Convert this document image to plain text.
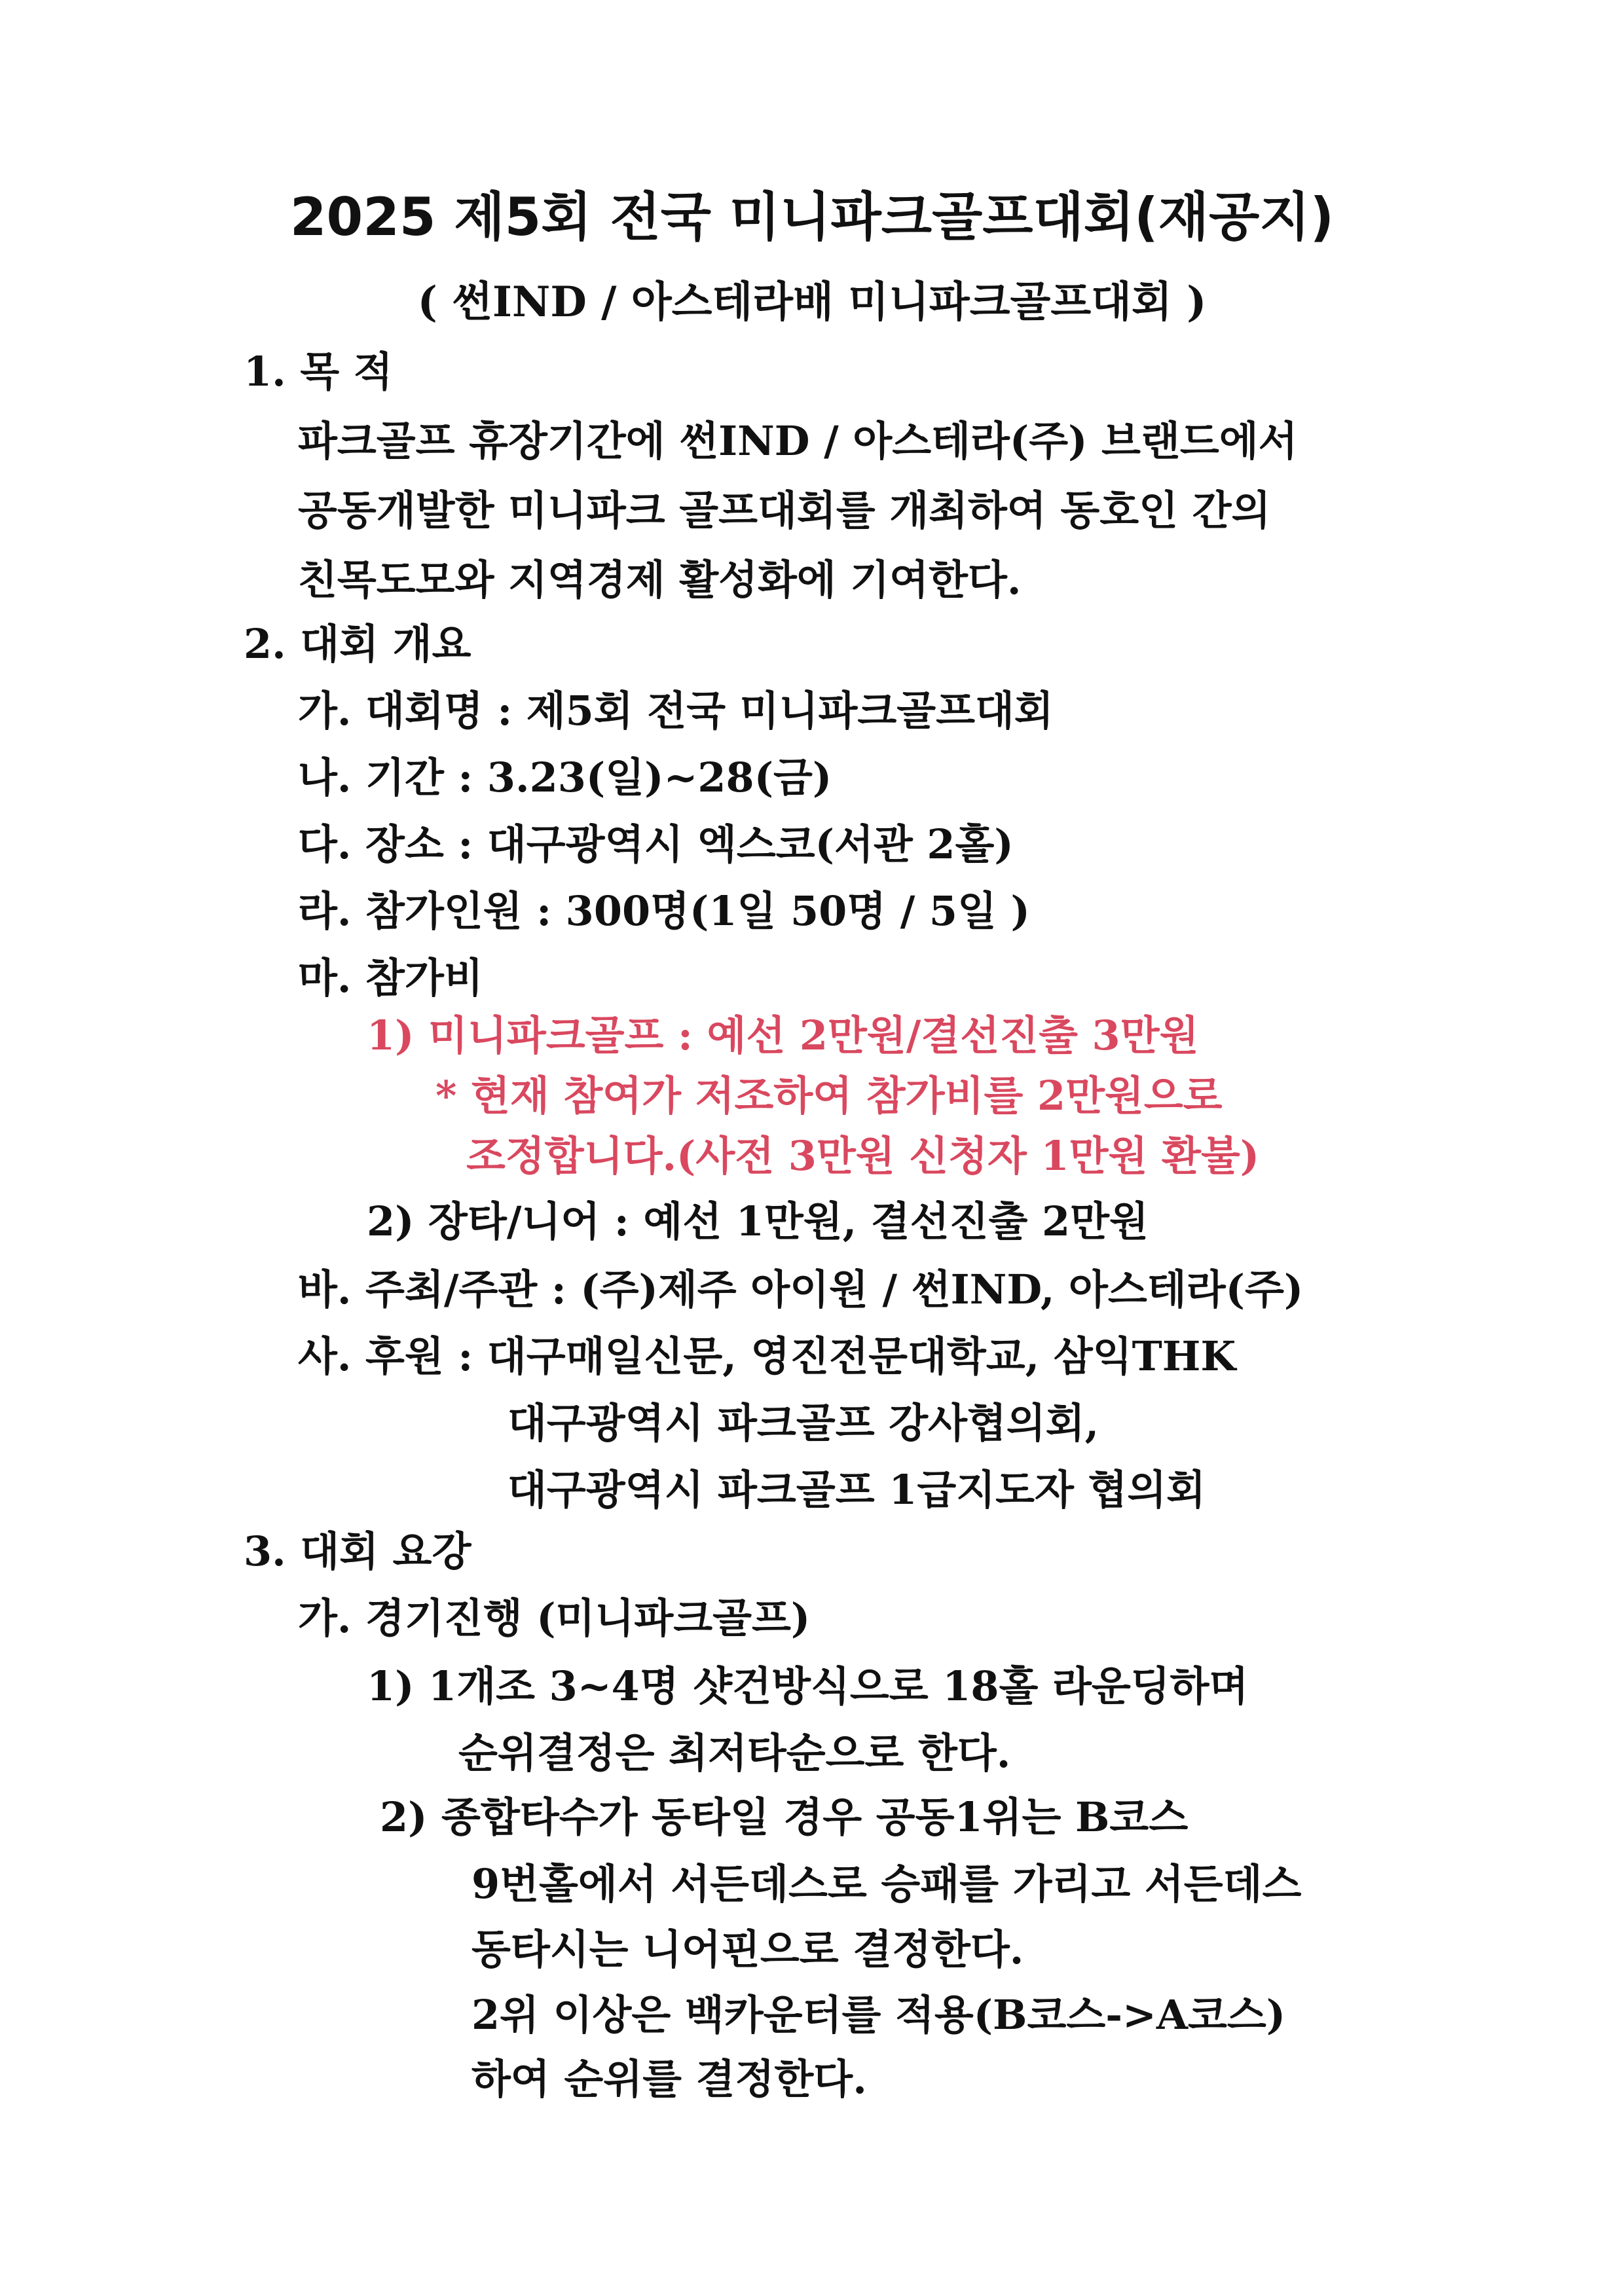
2025 제5회 전국 미니파크골프대회(재공지)
( 썬IND / 아스테라배 미니파크골프대회 )
1. 목 적
파크골프 휴장기간에 썬IND / 아스테라(주) 브랜드에서
공동개발한 미니파크 골프대회를 개최하여 동호인 간의
친목도모와 지역경제 활성화에 기여한다.
2. 대회 개요
가. 대회명 : 제5회 전국 미니파크골프대회
나. 기간 : 3.23(일)~28(금)
다. 장소 : 대구광역시 엑스코(서관 2홀)
라. 참가인원 : 300명(1일 50명 / 5일 )
마. 참가비
1) 미니파크골프 : 예선 2만원/결선진출 3만원
* 현재 참여가 저조하여 참가비를 2만원으로
조정합니다.(사전 3만원 신청자 1만원 환불)
2) 장타/니어 : 예선 1만원, 결선진출 2만원
바. 주최/주관 : (주)제주 아이원 / 썬IND, 아스테라(주)
사. 후원 : 대구매일신문, 영진전문대학교, 삼익THK
대구광역시 파크골프 강사협의회,
대구광역시 파크골프 1급지도자 협의회
3. 대회 요강
가. 경기진행 (미니파크골프)
1) 1개조 3~4명 샷건방식으로 18홀 라운딩하며
순위결정은 최저타순으로 한다.
2) 종합타수가 동타일 경우 공동1위는 B코스
9번홀에서 서든데스로 승패를 가리고 서든데스
동타시는 니어핀으로 결정한다.
2위 이상은 백카운터를 적용(B코스->A코스)
하여 순위를 결정한다.
